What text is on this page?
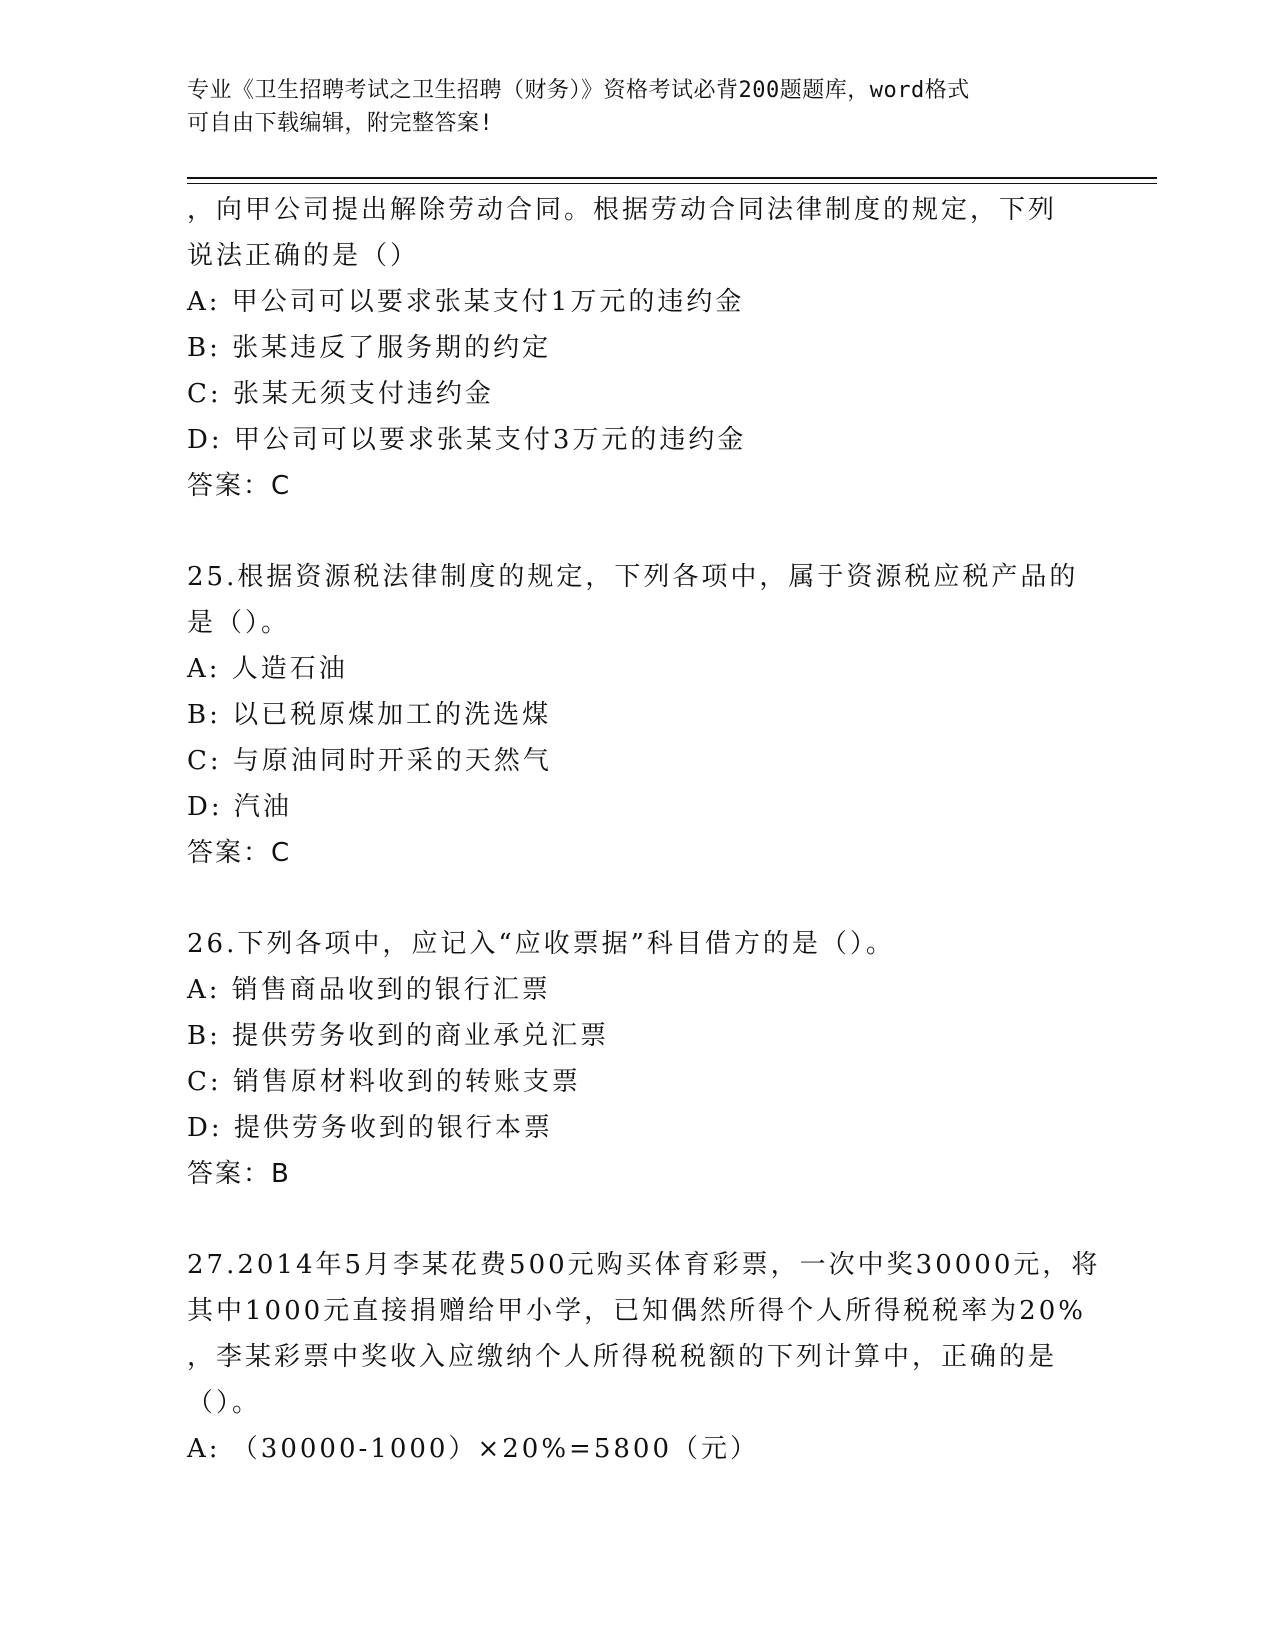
专业《卫生招聘考试之卫生招聘（财务）》资格考试必背200题题库，word格式
可自由下载编辑，附完整答案!
，向甲公司提出解除劳动合同。根据劳动合同法律制度的规定，下列
说法正确的是（）
A: 甲公司可以要求张某支付1万元的违约金
B: 张某违反了服务期的约定
C: 张某无须支付违约金
D: 甲公司可以要求张某支付3万元的违约金
答案：C
25.根据资源税法律制度的规定，下列各项中，属于资源税应税产品的
是（）。
A: 人造石油
B: 以已税原煤加工的洗选煤
C: 与原油同时开采的天然气
D: 汽油
答案：C
26.下列各项中，应记入“应收票据”科目借方的是（）。
A: 销售商品收到的银行汇票
B: 提供劳务收到的商业承兑汇票
C: 销售原材料收到的转账支票
D: 提供劳务收到的银行本票
答案：B
27.2014年5月李某花费500元购买体育彩票，一次中奖30000元，将
其中1000元直接捐赠给甲小学，已知偶然所得个人所得税税率为20%
，李某彩票中奖收入应缴纳个人所得税税额的下列计算中，正确的是
（）。
A: （30000-1000）×20%=5800（元）
